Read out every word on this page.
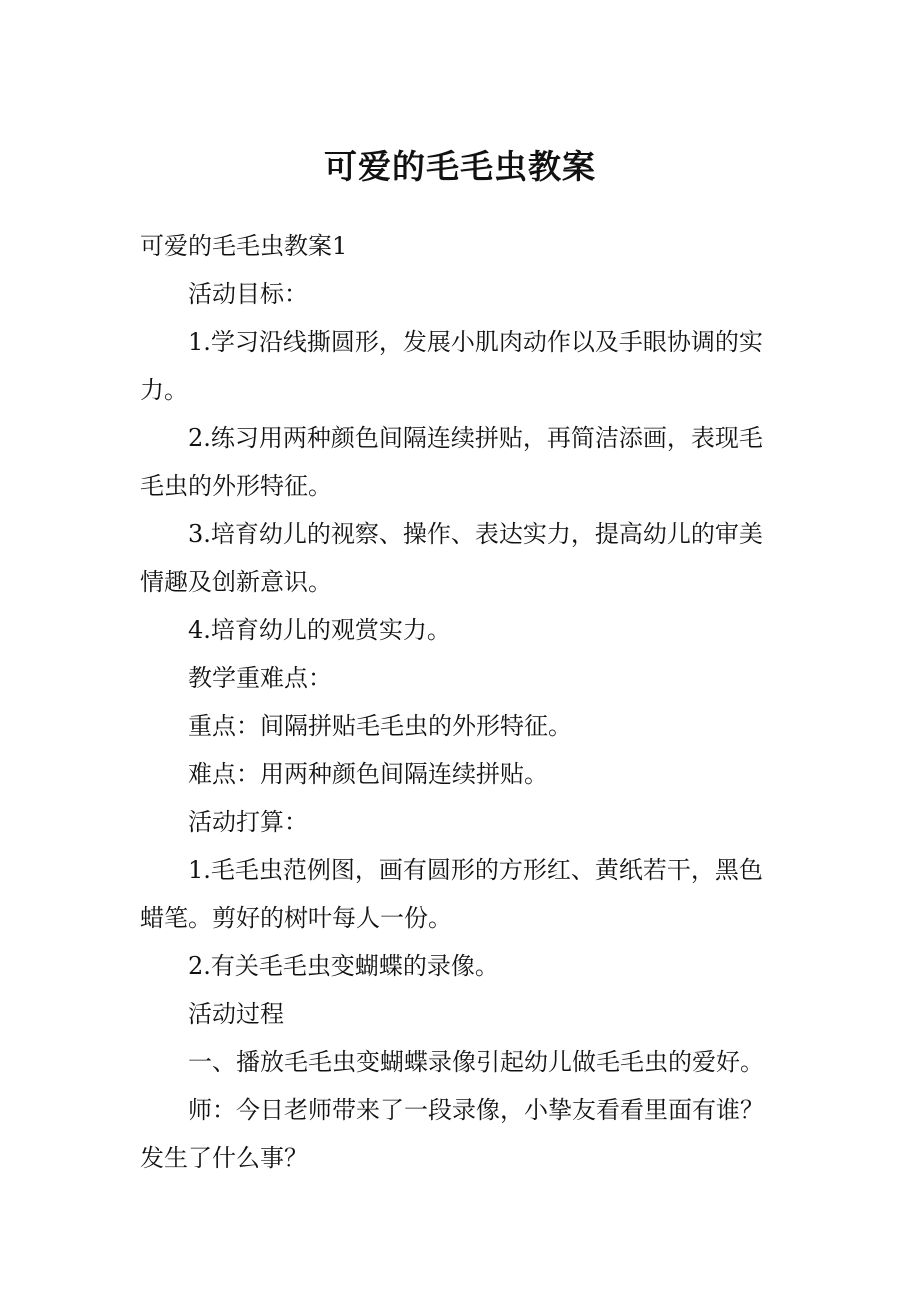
可爱的毛毛虫教案
可爱的毛毛虫教案1
活动目标：
1.学习沿线撕圆形，发展小肌肉动作以及手眼协调的实
力。
2.练习用两种颜色间隔连续拼贴，再简洁添画，表现毛
毛虫的外形特征。
3.培育幼儿的视察、操作、表达实力，提高幼儿的审美
情趣及创新意识。
4.培育幼儿的观赏实力。
教学重难点：
重点：间隔拼贴毛毛虫的外形特征。
难点：用两种颜色间隔连续拼贴。
活动打算：
1.毛毛虫范例图，画有圆形的方形红、黄纸若干，黑色
蜡笔。剪好的树叶每人一份。
2.有关毛毛虫变蝴蝶的录像。
活动过程
一、播放毛毛虫变蝴蝶录像引起幼儿做毛毛虫的爱好。
师：今日老师带来了一段录像，小挚友看看里面有谁？
发生了什么事？
